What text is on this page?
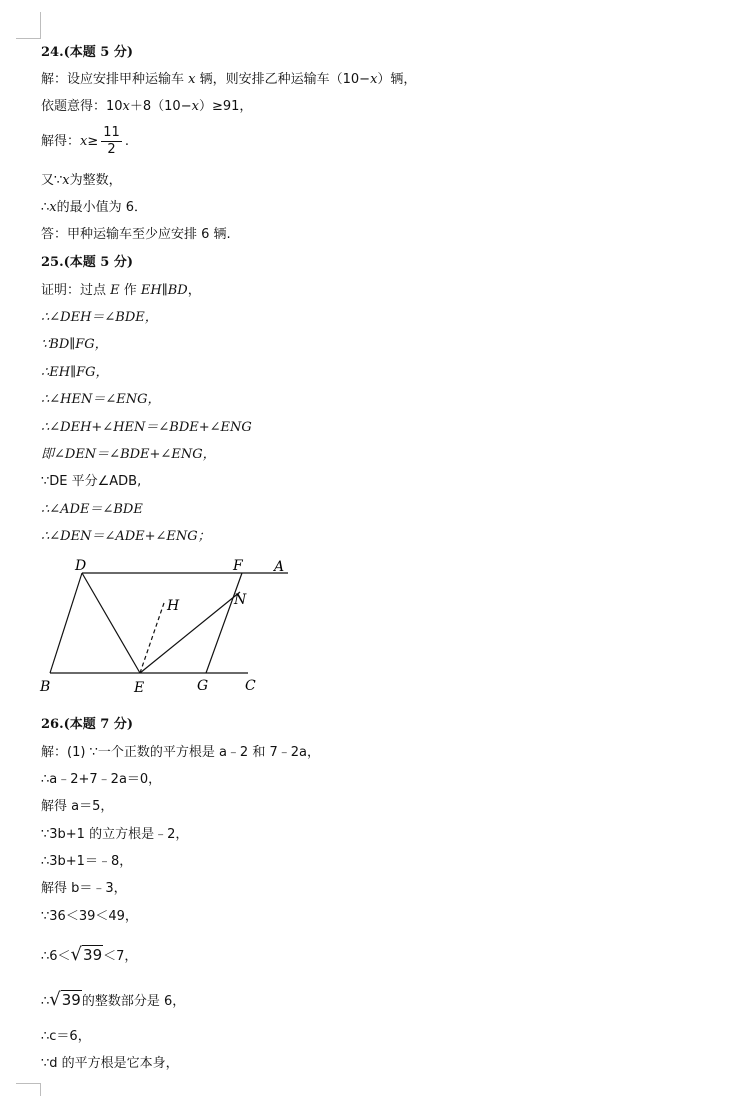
24.(本题 5 分)
解：设应安排甲种运输车 x 辆，则安排乙种运输车（10−x）辆，
依题意得：10x＋8（10−x）≥91，
解得：$x\ge \frac{11}{2}$ .
又∵x为整数，
∴x的最小值为 6．
答：甲种运输车至少应安排 6 辆.
25.(本题 5 分)
证明：过点 E 作 EH∥BD，
∴∠DEH＝∠BDE，
∵BD∥FG，
∴EH∥FG，
∴∠HEN＝∠ENG，
∴∠DEH+∠HEN＝∠BDE+∠ENG
即∠DEN＝∠BDE+∠ENG，
∵DE 平分∠ADB,
∴∠ADE＝∠BDE
∴∠DEN＝∠ADE+∠ENG；
D	F A
H	N
B	E	G	C
26.(本题 7 分)
解：(1) ∵一个正数的平方根是 a﹣2 和 7﹣2a，
∴a﹣2+7﹣2a＝0，
解得 a＝5，
∵3b+1 的立方根是﹣2，
∴3b+1＝﹣8，
解得 b＝﹣3，
∵36＜39＜49，
∴6＜√39＜7，
∴√39的整数部分是 6，
∴c＝6，
∵d 的平方根是它本身，
